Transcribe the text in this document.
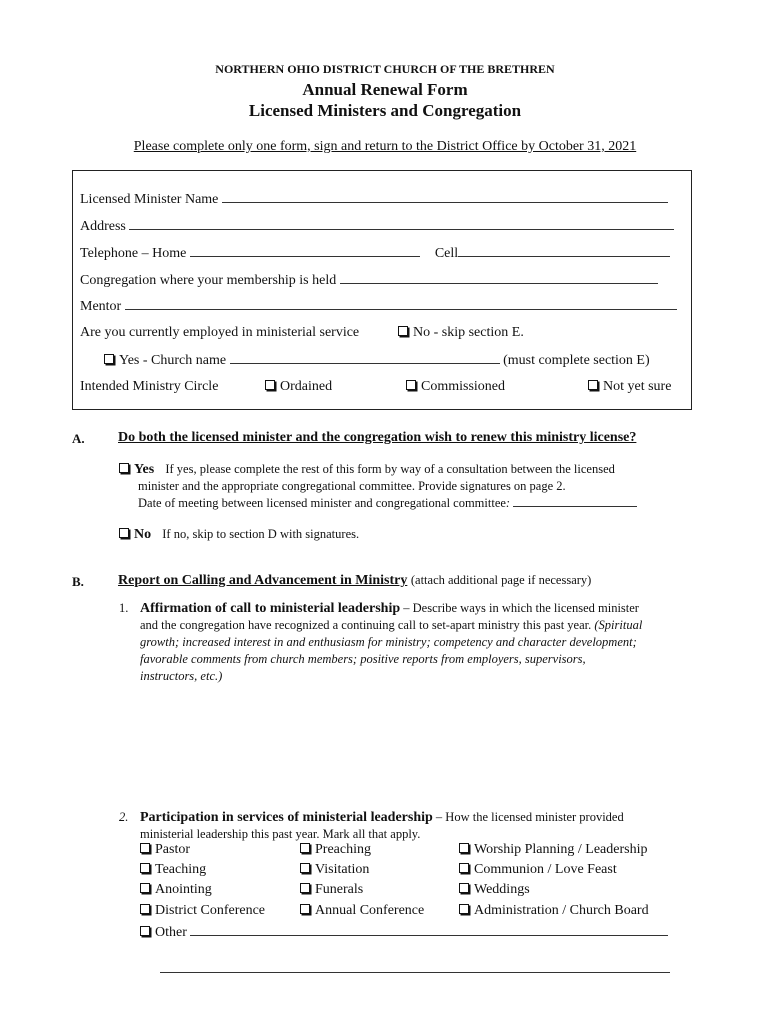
NORTHERN OHIO DISTRICT CHURCH OF THE BRETHREN
Annual Renewal Form
Licensed Ministers and Congregation
Please complete only one form, sign and return to the District Office by October 31, 2021
Licensed Minister Name
Address
Telephone – Home	Cell
Congregation where your membership is held
Mentor
Are you currently employed in ministerial service	No - skip section E.
Yes - Church name	(must complete section E)
Intended Ministry Circle	Ordained	Commissioned	Not yet sure
A. Do both the licensed minister and the congregation wish to renew this ministry license?
Yes If yes, please complete the rest of this form by way of a consultation between the licensed
minister and the appropriate congregational committee. Provide signatures on page 2.
Date of meeting between licensed minister and congregational committee:
No If no, skip to section D with signatures.
B. Report on Calling and Advancement in Ministry (attach additional page if necessary)
1. Affirmation of call to ministerial leadership – Describe ways in which the licensed minister
and the congregation have recognized a continuing call to set-apart ministry this past year. (Spiritual
growth; increased interest in and enthusiasm for ministry; competency and character development;
favorable comments from church members; positive reports from employers, supervisors,
instructors, etc.)
2. Participation in services of ministerial leadership – How the licensed minister provided
ministerial leadership this past year. Mark all that apply.
Pastor
Teaching
Anointing
District Conference
Preaching
Visitation
Funerals
Annual Conference
Worship Planning / Leadership
Communion / Love Feast
Weddings
Administration / Church Board
Other
